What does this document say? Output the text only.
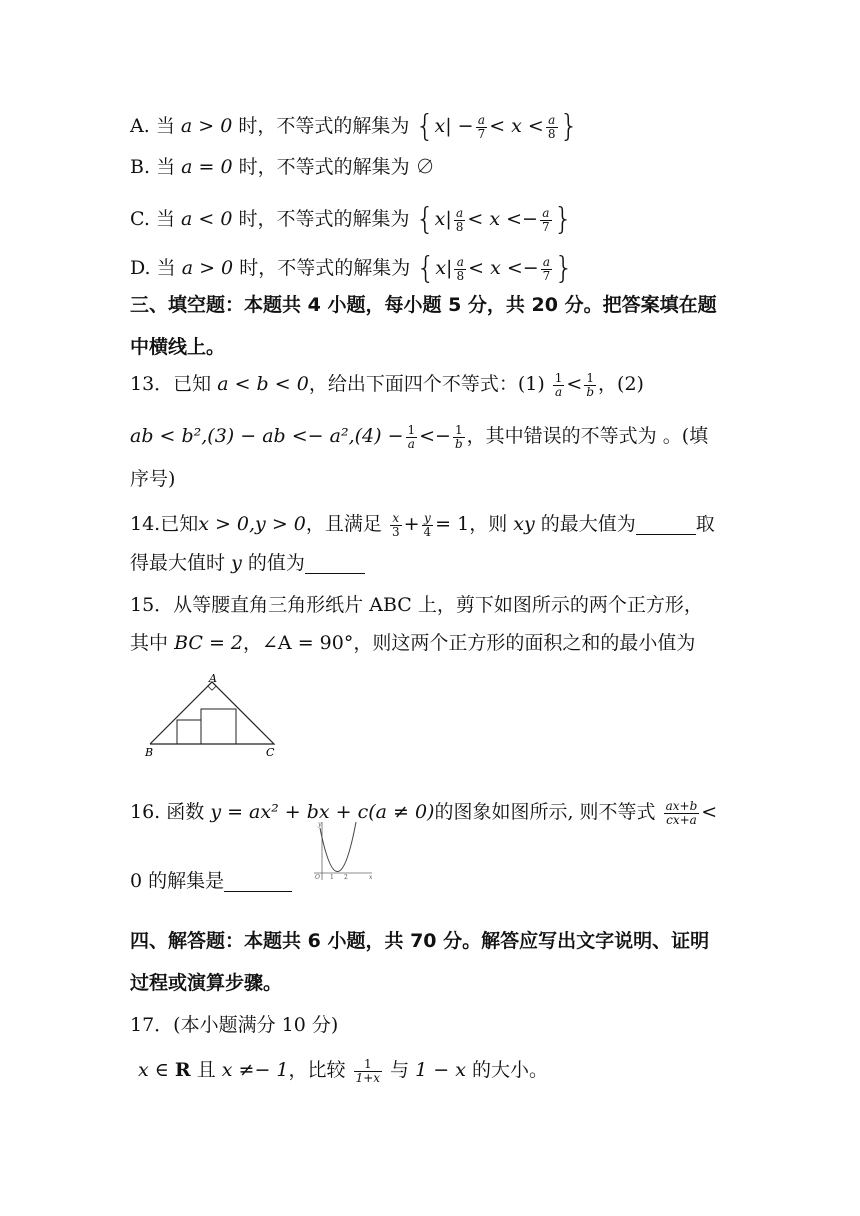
A. 当 a > 0 时，不等式的解集为 {$x| - \frac{a}{7} < x < \frac{a}{8}$ }
B. 当 a = 0 时，不等式的解集为 ∅
C. 当 a < 0 时，不等式的解集为 {$x| \frac{a}{8} < x <- \frac{a}{7}$ }
D. 当 a > 0 时，不等式的解集为 {$x| \frac{a}{8} < x <- \frac{a}{7}$ }
三、填空题：本题共 4 小题，每小题 5 分，共 20 分。把答案填在题
中横线上。
13．已知 a < b < 0，给出下面四个不等式：$(1) \frac{1}{a} < \frac{1}{b}$ ，(2)
ab < b²,(3) − ab <− $a^2,(4) - \frac{1}{a} <- \frac{1}{b}$ ，其中错误的不等式为 。(填
序号)
14.已知x > 0,y > 0，且满足 $\frac{x}{3} + \frac{y}{4} = 1$，则 xy 的最大值为	取
得最大值时 y 的值为
15．从等腰直角三角形纸片 ABC 上，剪下如图所示的两个正方形，
其中 BC = 2，∠A = 90°，则这两个正方形的面积之和的最小值为
A
B	C
16. 函数 y = ax² + bx + c(a ≠ 0)的图象如图所示, 则不等式 $\frac{ax+b}{cx+a}$ <
0 的解集是
y
O 1 2	x
四、解答题：本题共 6 小题，共 70 分。解答应写出文字说明、证明
过程或演算步骤。
17．(本小题满分 10 分)
x ∈ R 且 x ≠− 1，比较 $\frac{1}{1+x}$ 与 1 − x 的大小。
